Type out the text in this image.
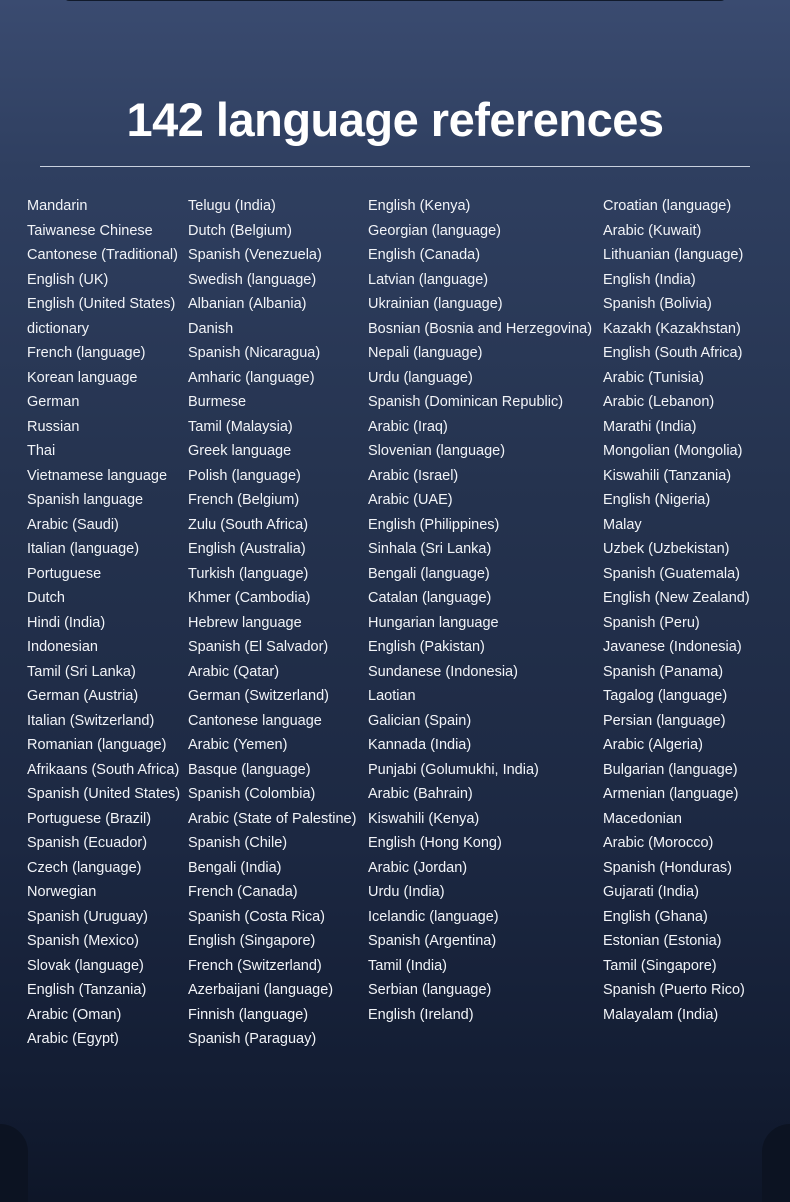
142 language references
Mandarin
Taiwanese Chinese
Cantonese (Traditional)
English (UK)
English (United States)
dictionary
French (language)
Korean language
German
Russian
Thai
Vietnamese language
Spanish language
Arabic (Saudi)
Italian (language)
Portuguese
Dutch
Hindi (India)
Indonesian
Tamil (Sri Lanka)
German (Austria)
Italian (Switzerland)
Romanian (language)
Afrikaans (South Africa)
Spanish (United States)
Portuguese (Brazil)
Spanish (Ecuador)
Czech (language)
Norwegian
Spanish (Uruguay)
Spanish (Mexico)
Slovak (language)
English (Tanzania)
Arabic (Oman)
Arabic (Egypt)
Telugu (India)
Dutch (Belgium)
Spanish (Venezuela)
Swedish (language)
Albanian (Albania)
Danish
Spanish (Nicaragua)
Amharic (language)
Burmese
Tamil (Malaysia)
Greek language
Polish (language)
French (Belgium)
Zulu (South Africa)
English (Australia)
Turkish (language)
Khmer (Cambodia)
Hebrew language
Spanish (El Salvador)
Arabic (Qatar)
German (Switzerland)
Cantonese language
Arabic (Yemen)
Basque (language)
Spanish (Colombia)
Arabic (State of Palestine)
Spanish (Chile)
Bengali (India)
French (Canada)
Spanish (Costa Rica)
English (Singapore)
French (Switzerland)
Azerbaijani (language)
Finnish (language)
Spanish (Paraguay)
English (Kenya)
Georgian (language)
English (Canada)
Latvian (language)
Ukrainian (language)
Bosnian (Bosnia and Herzegovina)
Nepali (language)
Urdu (language)
Spanish (Dominican Republic)
Arabic (Iraq)
Slovenian (language)
Arabic (Israel)
Arabic (UAE)
English (Philippines)
Sinhala (Sri Lanka)
Bengali (language)
Catalan (language)
Hungarian language
English (Pakistan)
Sundanese (Indonesia)
Laotian
Galician (Spain)
Kannada (India)
Punjabi (Golumukhi, India)
Arabic (Bahrain)
Kiswahili (Kenya)
English (Hong Kong)
Arabic (Jordan)
Urdu (India)
Icelandic (language)
Spanish (Argentina)
Tamil (India)
Serbian (language)
English (Ireland)
Croatian (language)
Arabic (Kuwait)
Lithuanian (language)
English (India)
Spanish (Bolivia)
Kazakh (Kazakhstan)
English (South Africa)
Arabic (Tunisia)
Arabic (Lebanon)
Marathi (India)
Mongolian (Mongolia)
Kiswahili (Tanzania)
English (Nigeria)
Malay
Uzbek (Uzbekistan)
Spanish (Guatemala)
English (New Zealand)
Spanish (Peru)
Javanese (Indonesia)
Spanish (Panama)
Tagalog (language)
Persian (language)
Arabic (Algeria)
Bulgarian (language)
Armenian (language)
Macedonian
Arabic (Morocco)
Spanish (Honduras)
Gujarati (India)
English (Ghana)
Estonian (Estonia)
Tamil (Singapore)
Spanish (Puerto Rico)
Malayalam (India)
